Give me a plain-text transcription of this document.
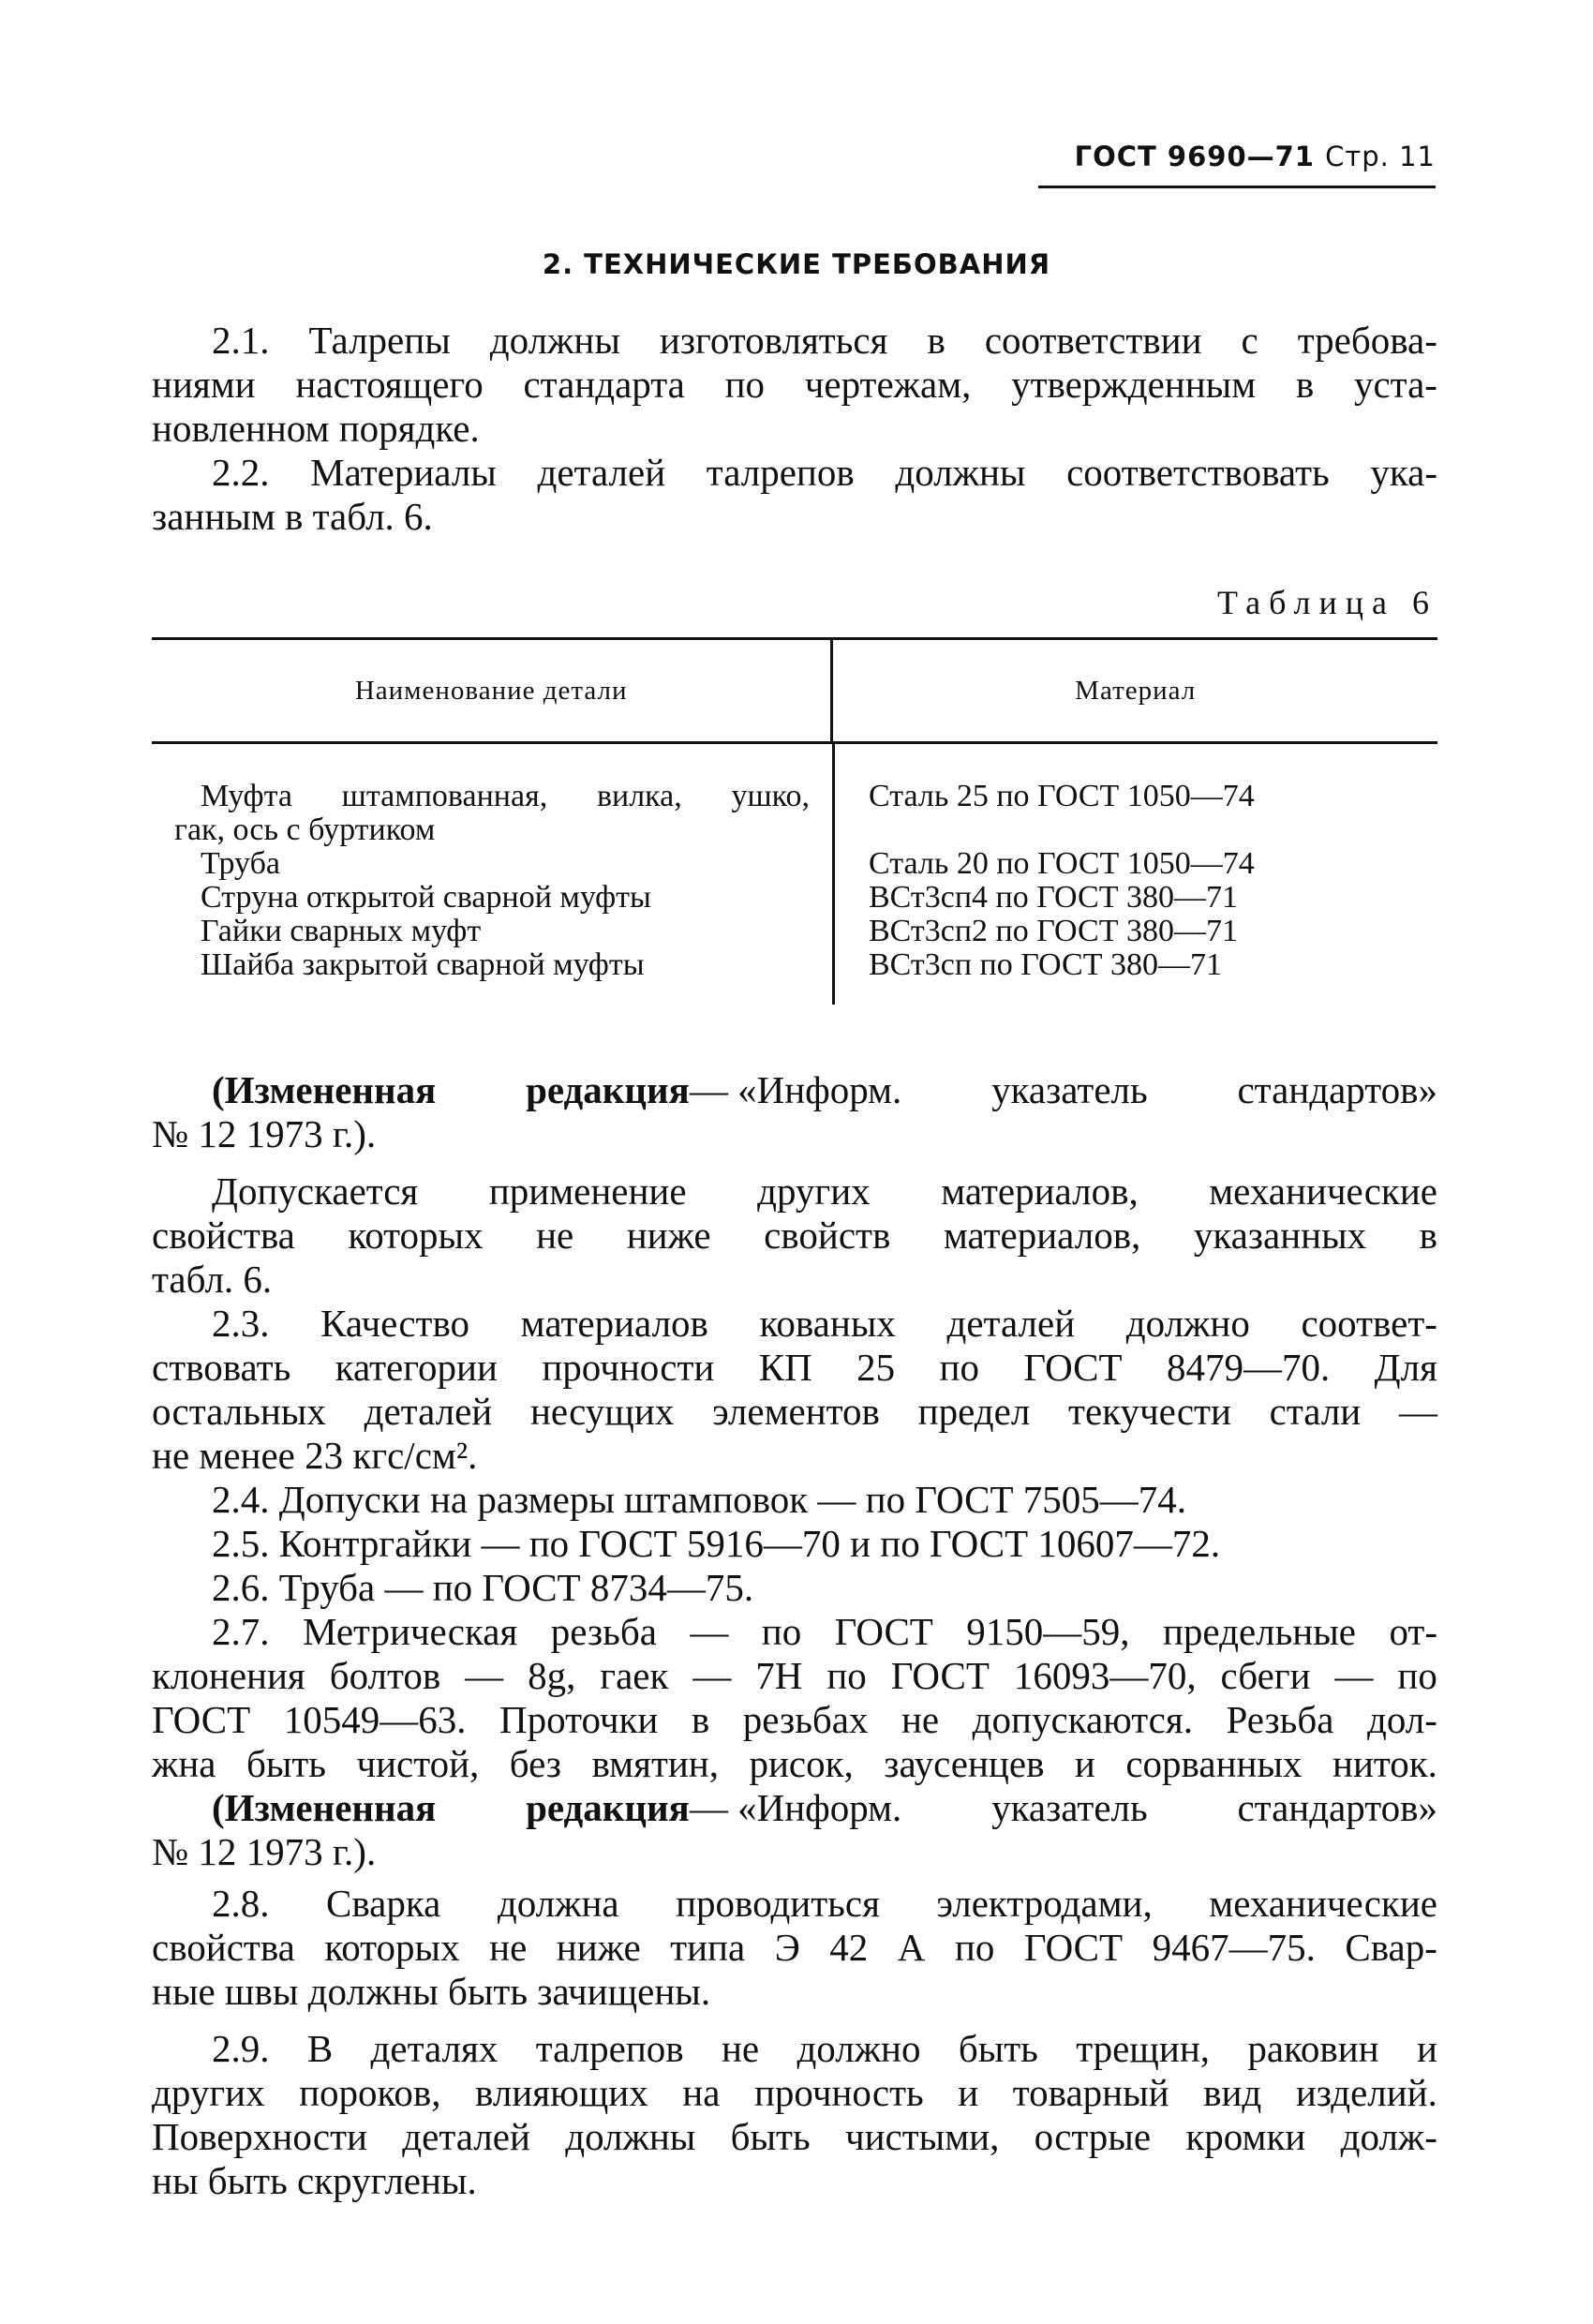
ГОСТ 9690—71 Стр. 11
2. ТЕХНИЧЕСКИЕ ТРЕБОВАНИЯ
2.1. Талрепы должны изготовляться в соответствии с требова-
ниями настоящего стандарта по чертежам, утвержденным в уста-
новленном порядке.
2.2. Материалы деталей талрепов должны соответствовать ука-
занным в табл. 6.
Таблица 6
Наименование детали	Материал
Муфта штампованная, вилка, ушко,
гак, ось с буртиком
Труба
Струна открытой сварной муфты
Гайки сварных муфт
Шайба закрытой сварной муфты
Сталь 25 по ГОСТ 1050—74
Сталь 20 по ГОСТ 1050—74
ВСт3сп4 по ГОСТ 380—71
ВСт3сп2 по ГОСТ 380—71
ВСт3сп по ГОСТ 380—71
(Измененная редакция— «Информ. указатель стандартов»
№ 12 1973 г.).
Допускается применение других материалов, механические
свойства которых не ниже свойств материалов, указанных в
табл. 6.
2.3. Качество материалов кованых деталей должно соответ-
ствовать категории прочности КП 25 по ГОСТ 8479—70. Для
остальных деталей несущих элементов предел текучести стали —
не менее 23 кгс/см².
2.4. Допуски на размеры штамповок — по ГОСТ 7505—74.
2.5. Контргайки — по ГОСТ 5916—70 и по ГОСТ 10607—72.
2.6. Труба — по ГОСТ 8734—75.
2.7. Метрическая резьба — по ГОСТ 9150—59, предельные от-
клонения болтов — 8g, гаек — 7Н по ГОСТ 16093—70, сбеги — по
ГОСТ 10549—63. Проточки в резьбах не допускаются. Резьба дол-
жна быть чистой, без вмятин, рисок, заусенцев и сорванных ниток.
(Измененная редакция— «Информ. указатель стандартов»
№ 12 1973 г.).
2.8. Сварка должна проводиться электродами, механические
свойства которых не ниже типа Э 42 А по ГОСТ 9467—75. Свар-
ные швы должны быть зачищены.
2.9. В деталях талрепов не должно быть трещин, раковин и
других пороков, влияющих на прочность и товарный вид изделий.
Поверхности деталей должны быть чистыми, острые кромки долж-
ны быть скруглены.
